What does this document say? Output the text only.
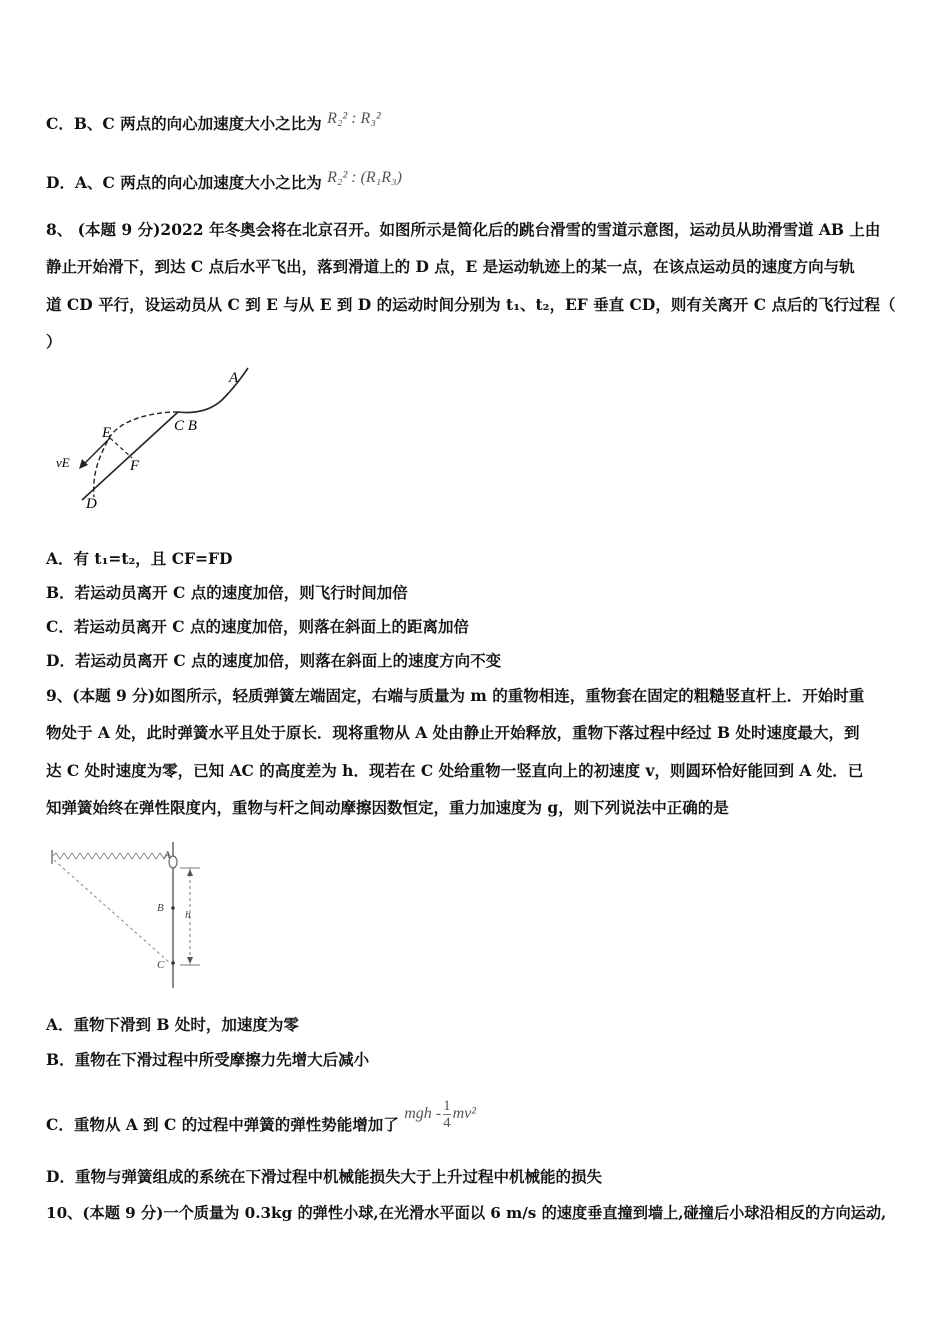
C．B、C 两点的向心加速度大小之比为 R₂² : R₃²
D．A、C 两点的向心加速度大小之比为 R₂² : (R₁R₃)
8、 (本题 9 分)2022 年冬奥会将在北京召开。如图所示是简化后的跳台滑雪的雪道示意图，运动员从助滑雪道 AB 上由
静止开始滑下，到达 C 点后水平飞出，落到滑道上的 D 点，E 是运动轨迹上的某一点，在该点运动员的速度方向与轨
道 CD 平行，设运动员从 C 到 E 与从 E 到 D 的运动时间分别为 t₁、t₂，EF 垂直 CD，则有关离开 C 点后的飞行过程（
）
A
C B
E
F
vE
D
A．有 t₁=t₂，且 CF=FD
B．若运动员离开 C 点的速度加倍，则飞行时间加倍
C．若运动员离开 C 点的速度加倍，则落在斜面上的距离加倍
D．若运动员离开 C 点的速度加倍，则落在斜面上的速度方向不变
9、(本题 9 分)如图所示，轻质弹簧左端固定，右端与质量为 m 的重物相连，重物套在固定的粗糙竖直杆上．开始时重
物处于 A 处，此时弹簧水平且处于原长．现将重物从 A 处由静止开始释放，重物下落过程中经过 B 处时速度最大，到
达 C 处时速度为零，已知 AC 的高度差为 h．现若在 C 处给重物一竖直向上的初速度 v，则圆环恰好能回到 A 处．已
知弹簧始终在弹性限度内，重物与杆之间动摩擦因数恒定，重力加速度为 g，则下列说法中正确的是
A
B
C
h
A．重物下滑到 B 处时，加速度为零
B．重物在下滑过程中所受摩擦力先增大后减小
C．重物从 A 到 C 的过程中弹簧的弹性势能增加了 mgh - $\frac{1}{4} mv^2$
D．重物与弹簧组成的系统在下滑过程中机械能损失大于上升过程中机械能的损失
10、(本题 9 分)一个质量为 0.3kg 的弹性小球,在光滑水平面以 6 m/s 的速度垂直撞到墙上,碰撞后小球沿相反的方向运动,
